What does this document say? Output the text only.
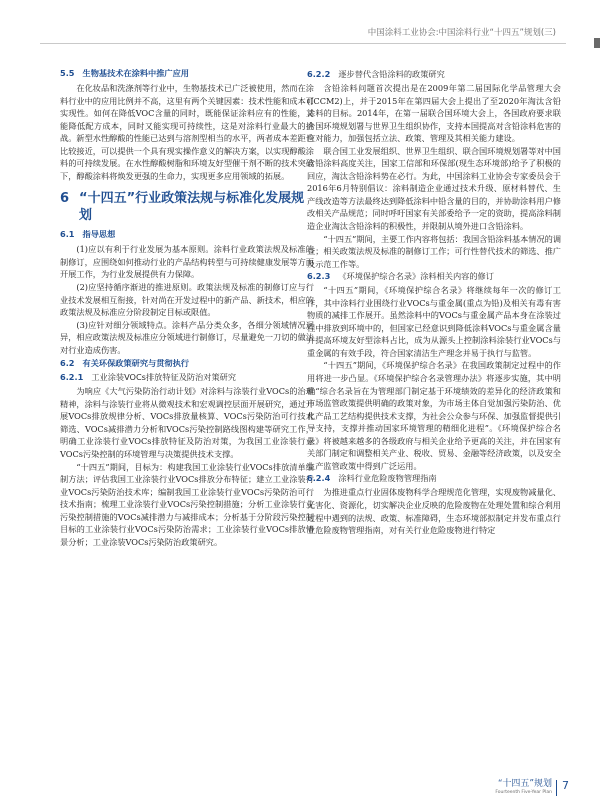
中国涂料工业协会:中国涂料行业“十四五”规划(三)
5.5 生物基技术在涂料中推广应用

在化妆品和洗涤剂等行业中，生物基技术已广泛被使用，然而在涂料行业中的应用比例并不高，这里有两个关键因素：技术性能和成本可实现性。如何在降低VOC含量的同时，既能保证涂料应有的性能，又能降低配方成本，同时又能实现可持续性，这是对涂料行业最大的挑战。新型水性醇酸的性能已达到与溶剂型相当的水平，两者成本差距也比较接近，可以提供一个具有现实操作意义的解决方案，以实现醇酸涂料的可持续发展。在水性醇酸树脂和环境友好型催干剂不断的技术突破下，醇酸涂料将焕发更强的生命力，实现更多应用领域的拓展。

6 “十四五”行业政策法规与标准化发展规划
6.1 指导思想

(1)应以有利于行业发展为基本原则。涂料行业政策法规及标准的制修订，应围绕如何推动行业的产品结构转型与可持续健康发展等方面开展工作，为行业发展提供有力保障。

(2)应坚持循序渐进的推进原则。政策法规及标准的制修订应与行业技术发展相互衔接，针对尚在开发过程中的新产品、新技术，相应的政策法规及标准应分阶段制定目标或限值。

(3)应针对细分领域特点。涂料产品分类众多，各细分领域情况迥异，相应政策法规及标准应分领域进行制修订，尽量避免一刀切的做法对行业造成伤害。

6.2 有关环保政策研究与贯彻执行
6.2.1 工业涂装VOCs排放特征及防治对策研究

为响应《大气污染防治行动计划》对涂料与涂装行业VOCs的治理精神，涂料与涂装行业将从微观技术和宏观调控层面开展研究，通过开展VOCs排放规律分析、VOCs排放量核算、VOCs污染防治可行技术筛选、VOCs减排潜力分析和VOCs污染控制路线图构建等研究工作，明确工业涂装行业VOCs排放特征及防治对策，为我国工业涂装行业VOCs污染控制的环境管理与决策提供技术支撑。

“十四五”期间，目标为：构建我国工业涂装行业VOCs排放清单编制方法；评估我国工业涂装行业VOCs排放分布特征；建立工业涂装行业VOCs污染防治技术库；编制我国工业涂装行业VOCs污染防治可行技术指南；梳理工业涂装行业VOCs污染控制措施；分析工业涂装行业污染控制措施的VOCs减排潜力与减排成本；分析基于分阶段污染控制目标的工业涂装行业VOCs污染防治需求；工业涂装行业VOCs排放情景分析；工业涂装VOCs污染防治政策研究。

6.2.2 逐步替代含铅涂料的政策研究

含铅涂料问题首次提出是在2009年第二届国际化学品管理大会(ICCM2)上，并于2015年在第四届大会上提出了至2020年淘汰含铅涂料的目标。2014年，在第一届联合国环境大会上，各国政府要求联合国环境规划署与世界卫生组织协作，支持本国提高对含铅涂料危害的应对能力，加强包括立法、政策、管理及其相关能力建设。

联合国工业发展组织、世界卫生组织、联合国环境规划署等对中国含铅涂料高度关注，国家工信部和环保部(现生态环境部)给予了积极的回应，淘汰含铅涂料势在必行。为此，中国涂料工业协会专家委员会于2016年6月特别倡议：涂料制造企业通过技术升级、原材料替代、生产线改造等方法最终达到降低涂料中铅含量的目的，并协助涂料用户修改相关产品规范；同时呼吁国家有关部委给予一定的资助，提高涂料制造企业淘汰含铅涂料的积极性，并限制从境外进口含铅涂料。

“十四五”期间，主要工作内容将包括：我国含铅涂料基本情况的调查；相关政策法规及标准的制修订工作；可行性替代技术的筛选、推广及示范工作等。

6.2.3 《环境保护综合名录》涂料相关内容的修订

“十四五”期间，《环境保护综合名录》将继续每年一次的修订工作，其中涂料行业围绕行业VOCs与重金属(重点为铅)及相关有毒有害物质的减排工作展开。虽然涂料中的VOCs与重金属产品本身在涂装过程中排放到环境中的，但国家已经意识到降低涂料VOCs与重金属含量并提高环境友好型涂料占比，成为从源头上控制涂料涂装行业VOCs与重金属的有效手段，符合国家清洁生产理念并易于执行与监管。

“十四五”期间，《环境保护综合名录》在我国政策制定过程中的作用将进一步凸显。《环境保护综合名录管理办法》将逐步实施，其中明确“综合名录旨在为管理部门制定基于环境绩效的差异化的经济政策和市场监管政策提供明确的政策对象，为市场主体自觉加强污染防治、优化产品工艺结构提供技术支撑，为社会公众参与环保、加强监督提供引导支持，支撑并推动国家环境管理的精细化进程”。《环境保护综合名录》将被越来越多的各级政府与相关企业给予更高的关注，并在国家有关部门制定和调整相关产业、税收、贸易、金融等经济政策，以及安全生产监管政策中得到广泛运用。

6.2.4 涂料行业危险废物管理指南

为推进重点行业固体废物科学合理规范化管理，实现废物减量化、无害化、资源化，切实解决企业反映的危险废物在处理处置和综合利用过程中遇到的法规、政策、标准障碍，生态环境部拟制定并发布重点行业危险废物管理指南，对有关行业危险废物进行特定

“十四五”规划
Fourteenth Five-Year Plan
7
